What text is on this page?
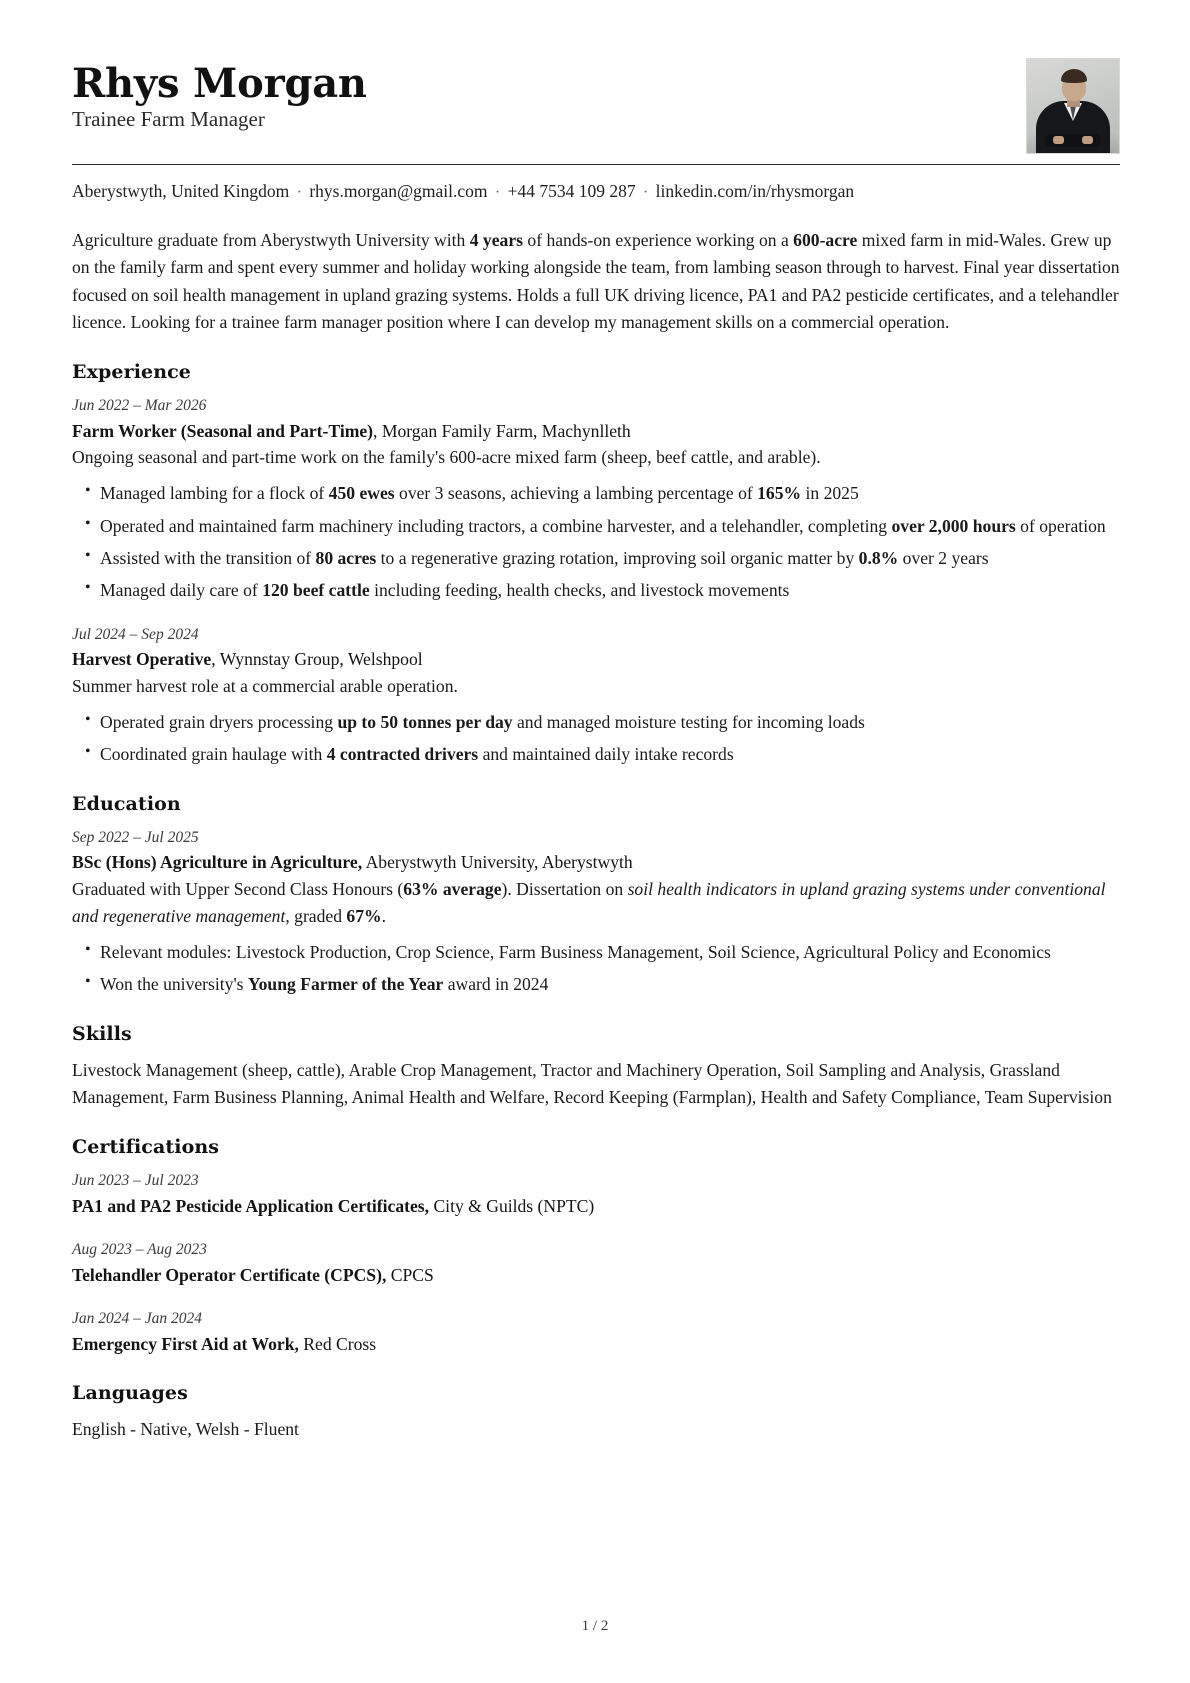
Rhys Morgan
Trainee Farm Manager
Aberystwyth, United Kingdom · rhys.morgan@gmail.com · +44 7534 109 287 · linkedin.com/in/rhysmorgan
Agriculture graduate from Aberystwyth University with 4 years of hands-on experience working on a 600-acre mixed farm in mid-Wales. Grew up on the family farm and spent every summer and holiday working alongside the team, from lambing season through to harvest. Final year dissertation focused on soil health management in upland grazing systems. Holds a full UK driving licence, PA1 and PA2 pesticide certificates, and a telehandler licence. Looking for a trainee farm manager position where I can develop my management skills on a commercial operation.
Experience
Jun 2022 – Mar 2026
Farm Worker (Seasonal and Part-Time), Morgan Family Farm, Machynlleth
Ongoing seasonal and part-time work on the family's 600-acre mixed farm (sheep, beef cattle, and arable).
• Managed lambing for a flock of 450 ewes over 3 seasons, achieving a lambing percentage of 165% in 2025
• Operated and maintained farm machinery including tractors, a combine harvester, and a telehandler, completing over 2,000 hours of operation
• Assisted with the transition of 80 acres to a regenerative grazing rotation, improving soil organic matter by 0.8% over 2 years
• Managed daily care of 120 beef cattle including feeding, health checks, and livestock movements
Jul 2024 – Sep 2024
Harvest Operative, Wynnstay Group, Welshpool
Summer harvest role at a commercial arable operation.
• Operated grain dryers processing up to 50 tonnes per day and managed moisture testing for incoming loads
• Coordinated grain haulage with 4 contracted drivers and maintained daily intake records
Education
Sep 2022 – Jul 2025
BSc (Hons) Agriculture in Agriculture, Aberystwyth University, Aberystwyth
Graduated with Upper Second Class Honours (63% average). Dissertation on soil health indicators in upland grazing systems under conventional and regenerative management, graded 67%.
• Relevant modules: Livestock Production, Crop Science, Farm Business Management, Soil Science, Agricultural Policy and Economics
• Won the university's Young Farmer of the Year award in 2024
Skills
Livestock Management (sheep, cattle), Arable Crop Management, Tractor and Machinery Operation, Soil Sampling and Analysis, Grassland Management, Farm Business Planning, Animal Health and Welfare, Record Keeping (Farmplan), Health and Safety Compliance, Team Supervision
Certifications
Jun 2023 – Jul 2023
PA1 and PA2 Pesticide Application Certificates, City & Guilds (NPTC)
Aug 2023 – Aug 2023
Telehandler Operator Certificate (CPCS), CPCS
Jan 2024 – Jan 2024
Emergency First Aid at Work, Red Cross
Languages
English - Native, Welsh - Fluent
1 / 2
